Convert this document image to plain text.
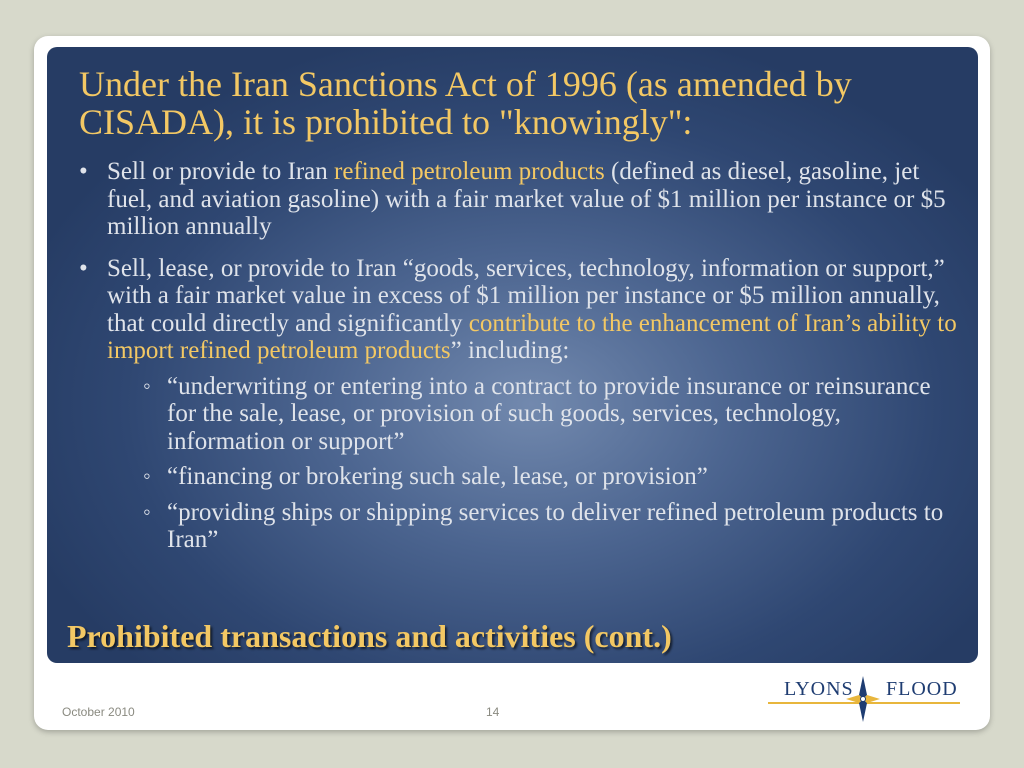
Under the Iran Sanctions Act of 1996 (as amended by CISADA), it is prohibited to "knowingly":
• Sell or provide to Iran refined petroleum products (defined as diesel, gasoline, jet fuel, and aviation gasoline) with a fair market value of $1 million per instance or $5 million annually
• Sell, lease, or provide to Iran “goods, services, technology, information or support,” with a fair market value in excess of $1 million per instance or $5 million annually, that could directly and significantly contribute to the enhancement of Iran’s ability to import refined petroleum products” including:
◦ “underwriting or entering into a contract to provide insurance or reinsurance for the sale, lease, or provision of such goods, services, technology, information or support”
◦ “financing or brokering such sale, lease, or provision”
◦ “providing ships or shipping services to deliver refined petroleum products to Iran”
Prohibited transactions and activities (cont.)
October 2010	14
LYONS FLOOD
